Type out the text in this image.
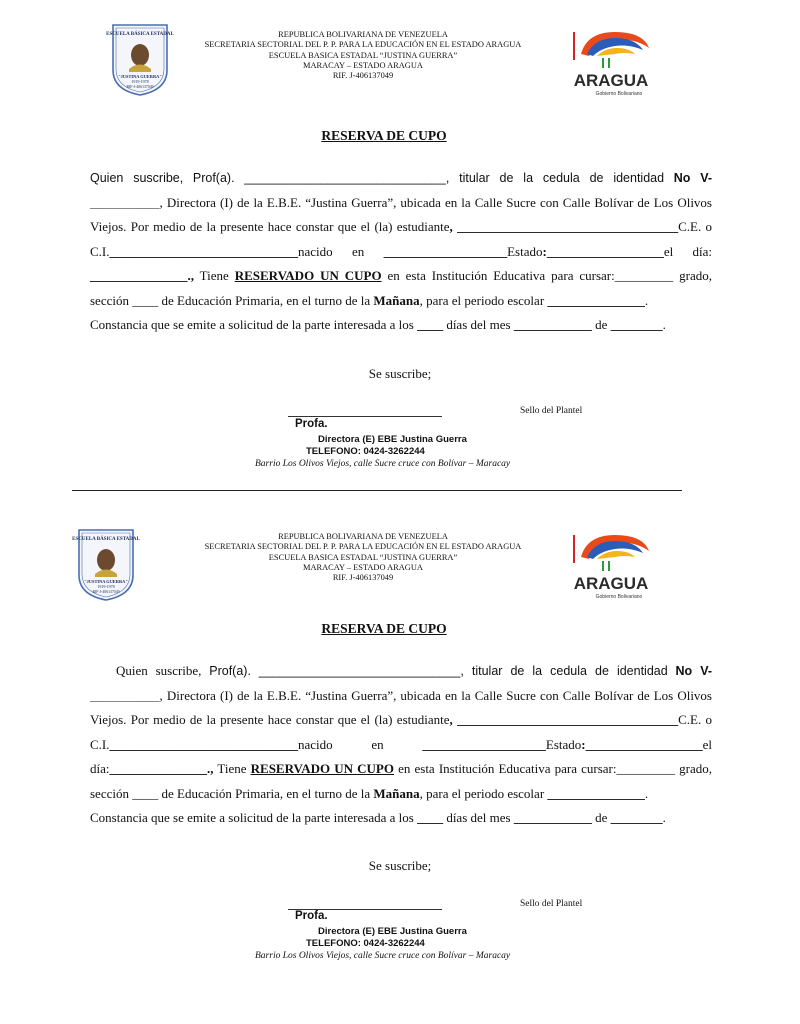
ESCUELA BÁSICA ESTADAL
"JUSTINA GUERRA"
1919-1978
RIF-J-406137049
REPUBLICA BOLIVARIANA DE VENEZUELA
SECRETARIA SECTORIAL DEL P. P. PARA LA EDUCACIÓN EN EL ESTADO ARAGUA
ESCUELA BASICA ESTADAL “JUSTINA GUERRA”
MARACAY – ESTADO ARAGUA
RIF. J-406137049	ARAGUA
Gobierno Bolivariano
RESERVA DE CUPO

Quien suscribe, Prof(a). _____________________________, titular de la cedula de identidad No V-__________, Directora (I) de la E.B.E. “Justina Guerra”, ubicada en la Calle Sucre con Calle Bolívar de Los Olivos Viejos. Por medio de la presente hace constar que el (la) estudiante, __________________________________C.E. o C.I._____________________________nacido en ___________________Estado:__________________el día: _______________., Tiene RESERVADO UN CUPO en esta Institución Educativa para cursar:_________ grado, sección ____ de Educación Primaria, en el turno de la Mañana, para el periodo escolar _______________.

Constancia que se emite a solicitud de la parte interesada a los ____ días del mes ____________ de ________.

Se suscribe;
Sello del Plantel
Profa.
Directora (E) EBE Justina Guerra
TELEFONO: 0424-3262244
Barrio Los Olivos Viejos, calle Sucre cruce con Bolívar – Maracay
ESCUELA BÁSICA ESTADAL
"JUSTINA GUERRA"
1919-1978
RIF-J-406137049
REPUBLICA BOLIVARIANA DE VENEZUELA
SECRETARIA SECTORIAL DEL P. P. PARA LA EDUCACIÓN EN EL ESTADO ARAGUA
ESCUELA BASICA ESTADAL “JUSTINA GUERRA”
MARACAY – ESTADO ARAGUA
RIF. J-406137049	ARAGUA
Gobierno Bolivariano
RESERVA DE CUPO

Quien suscribe, Prof(a). _____________________________, titular de la cedula de identidad No V-__________, Directora (I) de la E.B.E. “Justina Guerra”, ubicada en la Calle Sucre con Calle Bolívar de Los Olivos Viejos. Por medio de la presente hace constar que el (la) estudiante, __________________________________C.E. o C.I._____________________________nacido en	___________________Estado:__________________el día:_______________., Tiene RESERVADO UN CUPO en esta Institución Educativa para cursar:_________ grado, sección ____ de Educación Primaria, en el turno de la Mañana, para el periodo escolar _______________.

Constancia que se emite a solicitud de la parte interesada a los ____ días del mes ____________ de ________.

Se suscribe;
Sello del Plantel
Profa.
Directora (E) EBE Justina Guerra
TELEFONO: 0424-3262244
Barrio Los Olivos Viejos, calle Sucre cruce con Bolívar – Maracay
